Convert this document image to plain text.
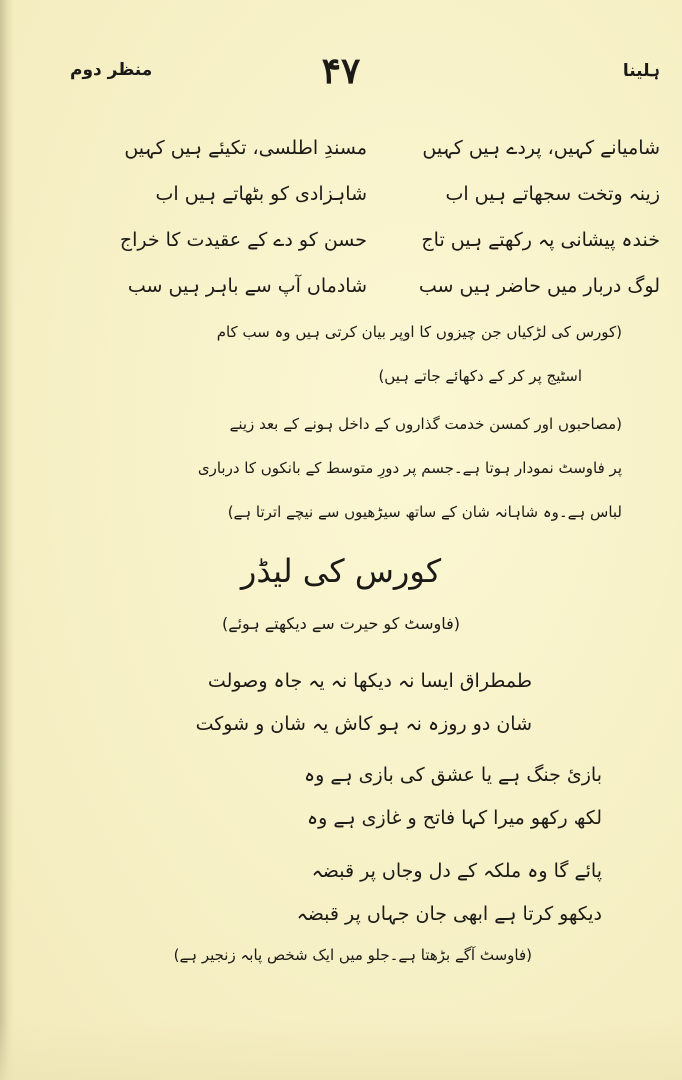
ہلینا
۴۷
منظر دوم
شامیانے کہیں، پردے ہیں کہیں
زینہ وتخت سجھاتے ہیں اب
خندہ پیشانی پہ رکھتے ہیں تاج
لوگ دربار میں حاضر ہیں سب
مسندِ اطلسی، تکیئے ہیں کہیں
شاہزادی کو بٹھاتے ہیں اب
حسن کو دے کے عقیدت کا خراج
شادماں آپ سے باہر ہیں سب
(کورس کی لڑکیاں جن چیزوں کا اوپر بیان کرتی ہیں وہ سب کام
اسٹیج پر کر کے دکھائے جاتے ہیں)
(مصاحبوں اور کمسن خدمت گذاروں کے داخل ہونے کے بعد زینے
پر فاوسٹ نمودار ہوتا ہے۔جسم پر دورِ متوسط کے بانکوں کا درباری
لباس ہے۔وہ شاہانہ شان کے ساتھ سیڑھیوں سے نیچے اترتا ہے)
کورس کی لیڈر
(فاوسٹ کو حیرت سے دیکھتے ہوئے)
طمطراق ایسا نہ دیکھا نہ یہ جاہ وصولت
شان دو روزہ نہ ہو کاش یہ شان و شوکت
بازیٔ جنگ ہے یا عشق کی بازی ہے وہ
لکھ رکھو میرا کہا فاتح و غازی ہے وہ
پائے گا وہ ملکہ کے دل وجاں پر قبضہ
دیکھو کرتا ہے ابھی جان جہاں پر قبضہ
(فاوسٹ آگے بڑھتا ہے۔جلو میں ایک شخص پابہ زنجیر ہے)
